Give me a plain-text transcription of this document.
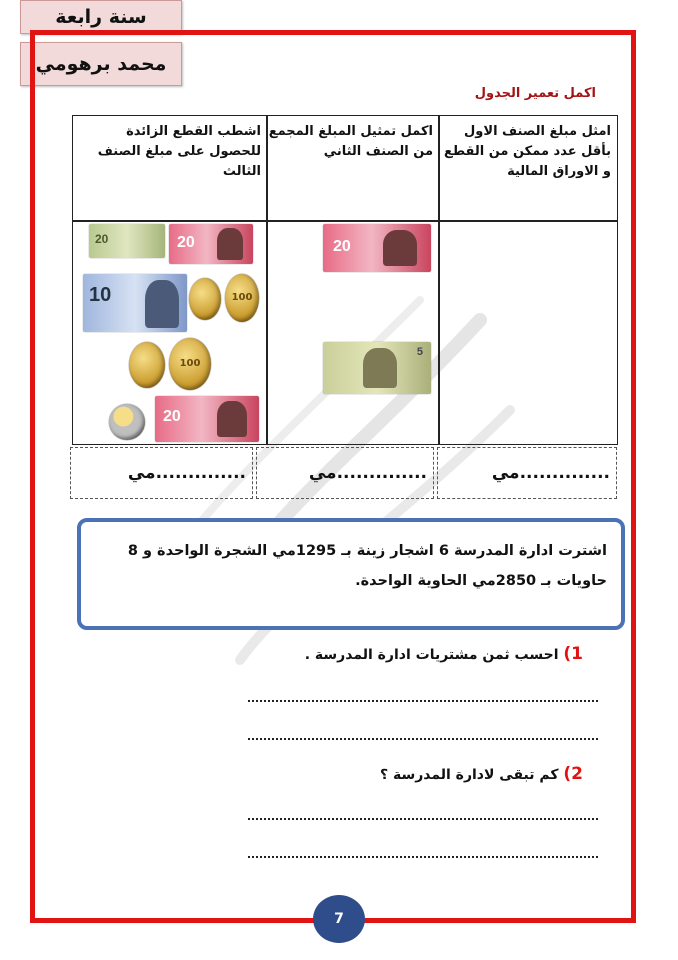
سنة رابعة
محمد برهومي
اكمل تعمير الجدول
امثل مبلغ الصنف الاول بأقل عدد ممكن من القطع و الاوراق المالية
اكمل تمثيل المبلغ المجمع من الصنف الثاني
اشطب القطع الزائدة للحصول على مبلغ الصنف الثالث
20
5
20	20
10	100
100
20
..............مي
..............مي
..............مي
اشترت ادارة المدرسة 6 اشجار زينة بـ 1295مي الشجرة الواحدة و 8
حاويات بـ 2850مي الحاوية الواحدة.
1) احسب ثمن مشتريات ادارة المدرسة .
2) كم تبقى لادارة المدرسة ؟
7
